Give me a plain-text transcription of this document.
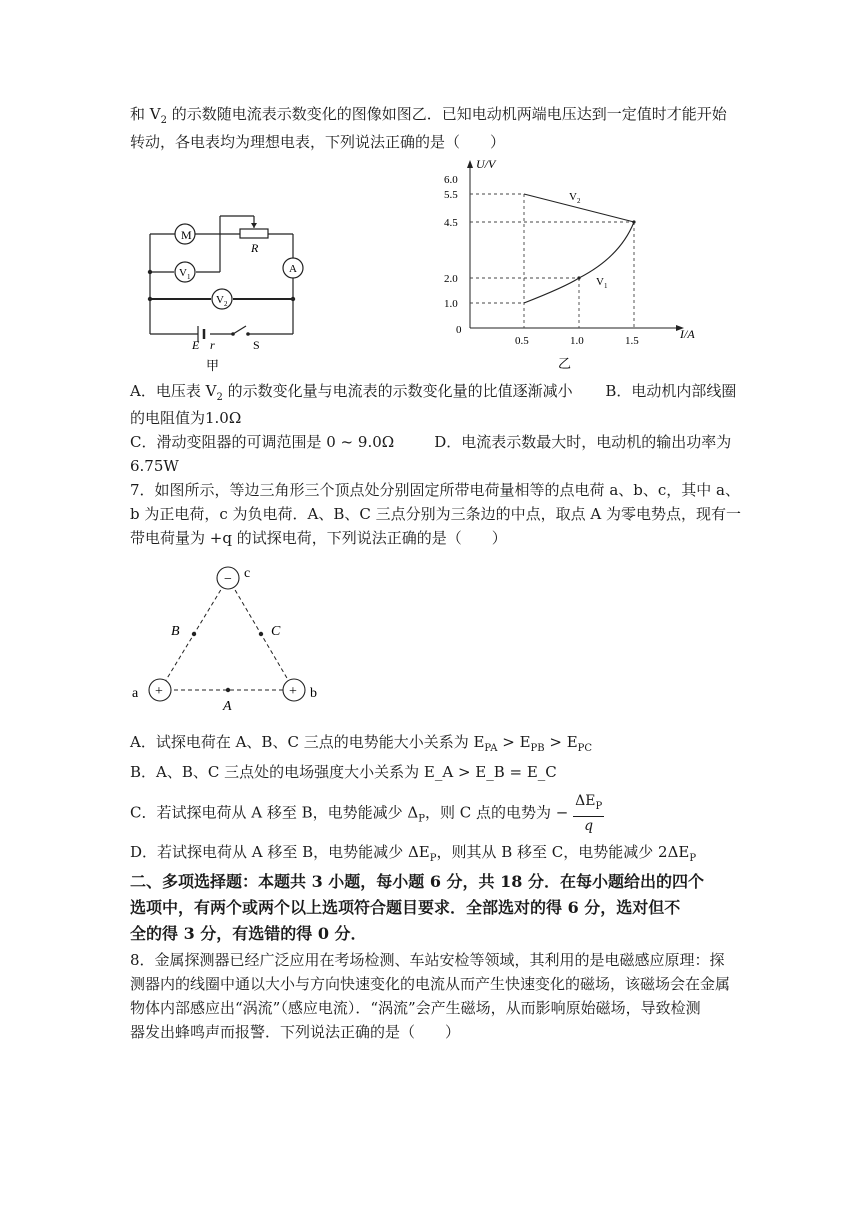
和 $V_2$ 的示数随电流表示数变化的图像如图乙．已知电动机两端电压达到一定值时才能开始
转动，各电表均为理想电表，下列说法正确的是（　　）
M
V 1
V 2
A
R
E r	S
甲
U/V
I/A
0
6.0
5.5
4.5
2.0
1.0
0.5	1.0	1.5
V 2
V 1
乙
A．电压表 $V_2$ 的示数变化量与电流表的示数变化量的比值逐渐减小 B．电动机内部线圈
的电阻值为1.0Ω
C．滑动变阻器的可调范围是 0 ~ 9.0Ω	D．电流表示数最大时，电动机的输出功率为
6.75W
7．如图所示，等边三角形三个顶点处分别固定所带电荷量相等的点电荷 a、b、c，其中 a、
b 为正电荷，c 为负电荷．A、B、C 三点分别为三条边的中点，取点 A 为零电势点，现有一
带电荷量为 +q 的试探电荷，下列说法正确的是（　　）
−
+	+
c
a	b
B	C
A
A．试探电荷在 A、B、C 三点的电势能大小关系为 $E_{PA} > E_{PB} > E_{PC}$
B．A、B、C 三点处的电场强度大小关系为 E_A > E_B = E_C
C．若试探电荷从 A 移至 B，电势能减少 $\Delta_P$，则 C 点的电势为 − $\frac{\Delta E_P}{q}$
D．若试探电荷从 A 移至 B，电势能减少 $\Delta E_P$，则其从 B 移至 C，电势能减少 $2\Delta E_P$
二、多项选择题：本题共 3 小题，每小题 6 分，共 18 分．在每小题给出的四个
选项中，有两个或两个以上选项符合题目要求．全部选对的得 6 分，选对但不
全的得 3 分，有选错的得 0 分．
8．金属探测器已经广泛应用在考场检测、车站安检等领域，其利用的是电磁感应原理：探
测器内的线圈中通以大小与方向快速变化的电流从而产生快速变化的磁场，该磁场会在金属
物体内部感应出“涡流”（感应电流）．“涡流”会产生磁场，从而影响原始磁场，导致检测
器发出蜂鸣声而报警．下列说法正确的是（　　）
